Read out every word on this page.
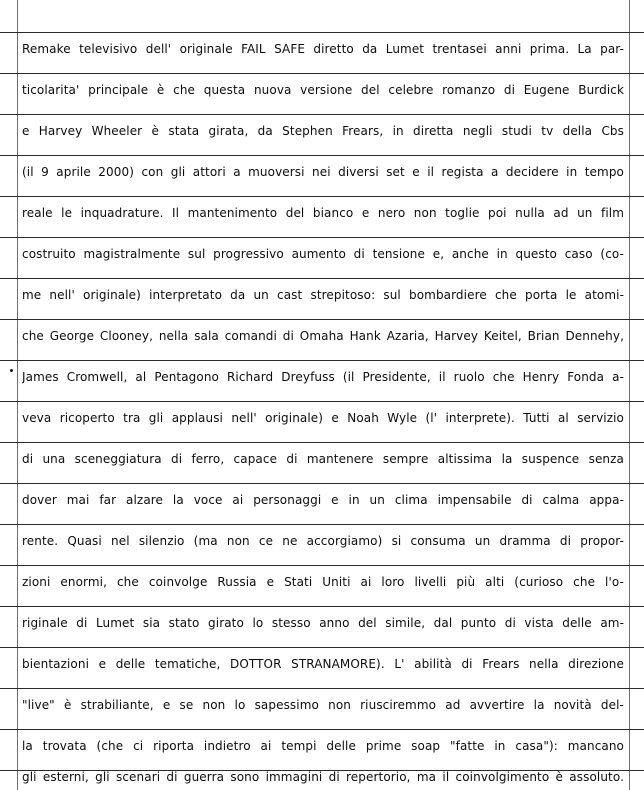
Remake televisivo dell' originale FAIL SAFE diretto da Lumet trentasei anni prima. La par-
ticolarita' principale è che questa nuova versione del celebre romanzo di Eugene Burdick
e Harvey Wheeler è stata girata, da Stephen Frears, in diretta negli studi tv della Cbs
(il 9 aprile 2000) con gli attori a muoversi nei diversi set e il regista a decidere in tempo
reale le inquadrature. Il mantenimento del bianco e nero non toglie poi nulla ad un film
costruito magistralmente sul progressivo aumento di tensione e, anche in questo caso (co-
me nell' originale) interpretato da un cast strepitoso: sul bombardiere che porta le atomi-
che George Clooney, nella sala comandi di Omaha Hank Azaria, Harvey Keitel, Brian Dennehy,
James Cromwell, al Pentagono Richard Dreyfuss (il Presidente, il ruolo che Henry Fonda a-
veva ricoperto tra gli applausi nell' originale) e Noah Wyle (l' interprete). Tutti al servizio
di una sceneggiatura di ferro, capace di mantenere sempre altissima la suspence senza
dover mai far alzare la voce ai personaggi e in un clima impensabile di calma appa-
rente. Quasi nel silenzio (ma non ce ne accorgiamo) si consuma un dramma di propor-
zioni enormi, che coinvolge Russia e Stati Uniti ai loro livelli più alti (curioso che l'o-
riginale di Lumet sia stato girato lo stesso anno del simile, dal punto di vista delle am-
bientazioni e delle tematiche, DOTTOR STRANAMORE). L' abilità di Frears nella direzione
"live" è strabiliante, e se non lo sapessimo non riusciremmo ad avvertire la novità del-
la trovata (che ci riporta indietro ai tempi delle prime soap "fatte in casa"): mancano
gli esterni, gli scenari di guerra sono immagini di repertorio, ma il coinvolgimento è assoluto.
